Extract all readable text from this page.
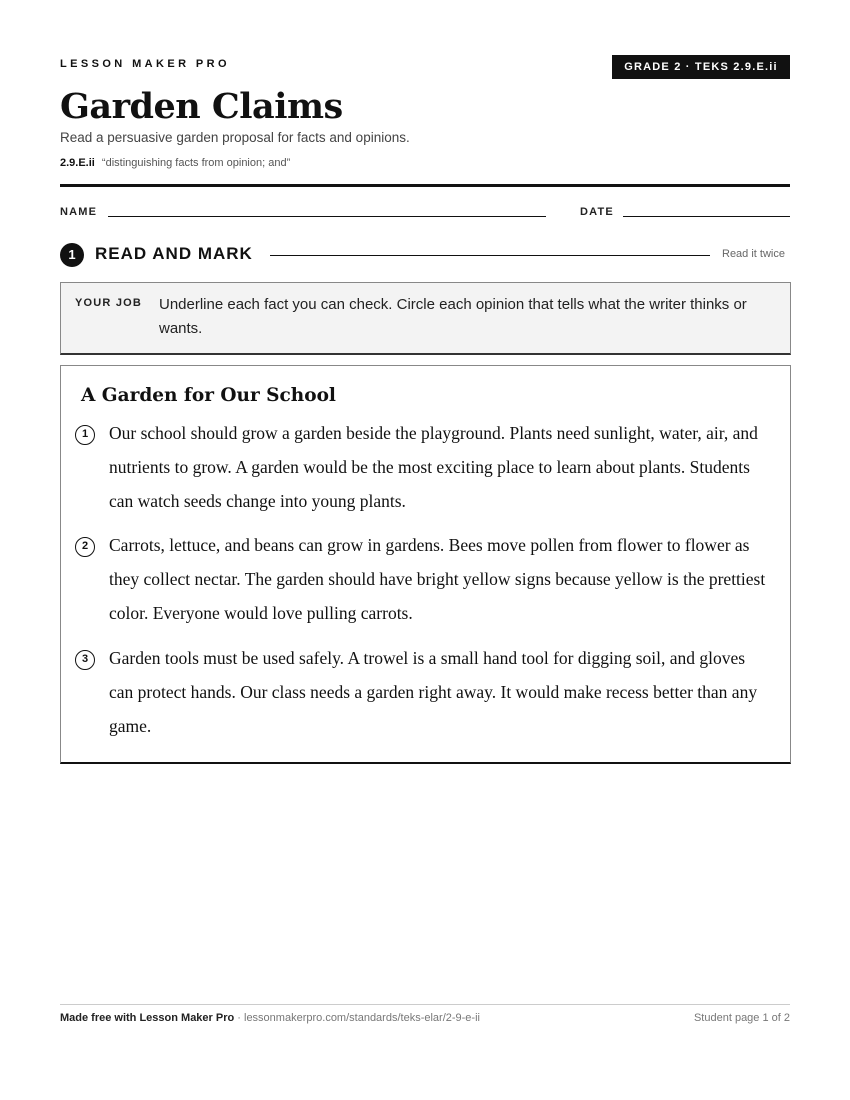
LESSON MAKER PRO	GRADE 2 · TEKS 2.9.E.ii
Garden Claims
Read a persuasive garden proposal for facts and opinions.
2.9.E.ii “distinguishing facts from opinion; and”
NAME	DATE
1	READ AND MARK	Read it twice
YOUR JOB Underline each fact you can check. Circle each opinion that tells what the writer thinks or wants.
A Garden for Our School
1	Our school should grow a garden beside the playground. Plants need sunlight, water, air, and nutrients to grow. A garden would be the most exciting place to learn about plants. Students can watch seeds change into young plants.
2	Carrots, lettuce, and beans can grow in gardens. Bees move pollen from flower to flower as they collect nectar. The garden should have bright yellow signs because yellow is the prettiest color. Everyone would love pulling carrots.
3	Garden tools must be used safely. A trowel is a small hand tool for digging soil, and gloves can protect hands. Our class needs a garden right away. It would make recess better than any game.
Made free with Lesson Maker Pro · lessonmakerpro.com/standards/teks-elar/2-9-e-ii	Student page 1 of 2
